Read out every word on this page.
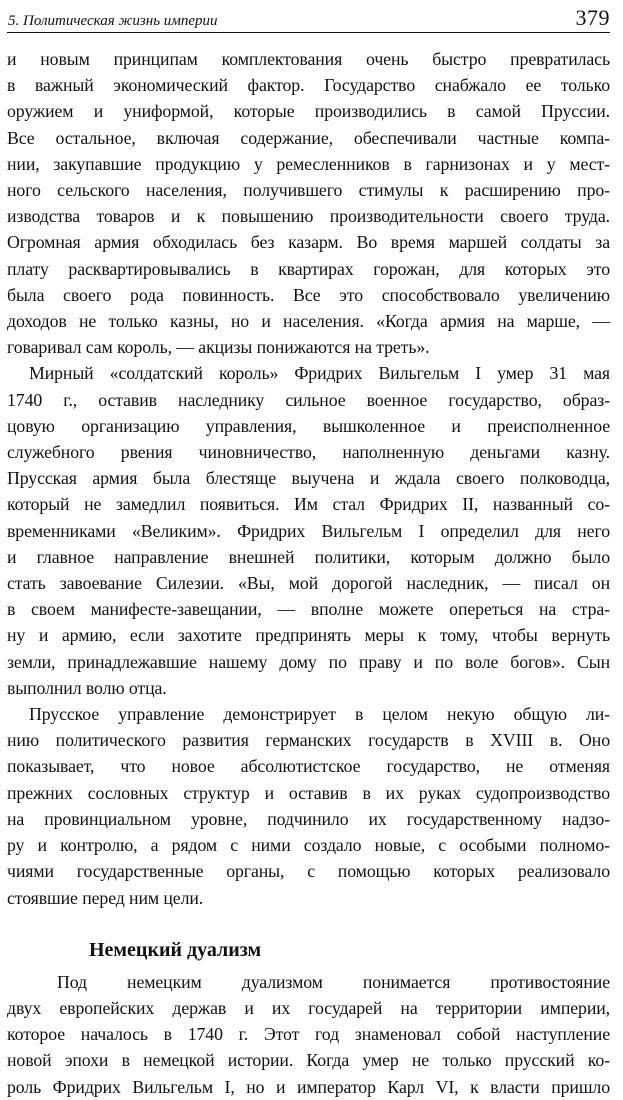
5. Политическая жизнь империи	379

и новым принципам комплектования очень быстро превратилась

в важный экономический фактор. Государство снабжало ее только

оружием и униформой, которые производились в самой Пруссии.

Все остальное, включая содержание, обеспечивали частные компа-

нии, закупавшие продукцию у ремесленников в гарнизонах и у мест-

ного сельского населения, получившего стимулы к расширению про-

изводства товаров и к повышению производительности своего труда.

Огромная армия обходилась без казарм. Во время маршей солдаты за

плату расквартировывались в квартирах горожан, для которых это

была своего рода повинность. Все это способствовало увеличению

доходов не только казны, но и населения. «Когда армия на марше, —

говаривал сам король, — акцизы понижаются на треть».

Мирный «солдатский король» Фридрих Вильгельм I умер 31 мая

1740 г., оставив наследнику сильное военное государство, образ-

цовую организацию управления, вышколенное и преисполненное

служебного рвения чиновничество, наполненную деньгами казну.

Прусская армия была блестяще выучена и ждала своего полководца,

который не замедлил появиться. Им стал Фридрих II, названный со-

временниками «Великим». Фридрих Вильгельм I определил для него

и главное направление внешней политики, которым должно было

стать завоевание Силезии. «Вы, мой дорогой наследник, — писал он

в своем манифесте-завещании, — вполне можете опереться на стра-

ну и армию, если захотите предпринять меры к тому, чтобы вернуть

земли, принадлежавшие нашему дому по праву и по воле богов». Сын

выполнил волю отца.

Прусское управление демонстрирует в целом некую общую ли-

нию политического развития германских государств в XVIII в. Оно

показывает, что новое абсолютистское государство, не отменяя

прежних сословных структур и оставив в их руках судопроизводство

на провинциальном уровне, подчинило их государственному надзо-

ру и контролю, а рядом с ними создало новые, с особыми полномо-

чиями государственные органы, с помощью которых реализовало

стоявшие перед ним цели.

Немецкий дуализм

Под немецким дуализмом понимается противостояние

двух европейских держав и их государей на территории империи,

которое началось в 1740 г. Этот год знаменовал собой наступление

новой эпохи в немецкой истории. Когда умер не только прусский ко-

роль Фридрих Вильгельм I, но и император Карл VI, к власти пришло
